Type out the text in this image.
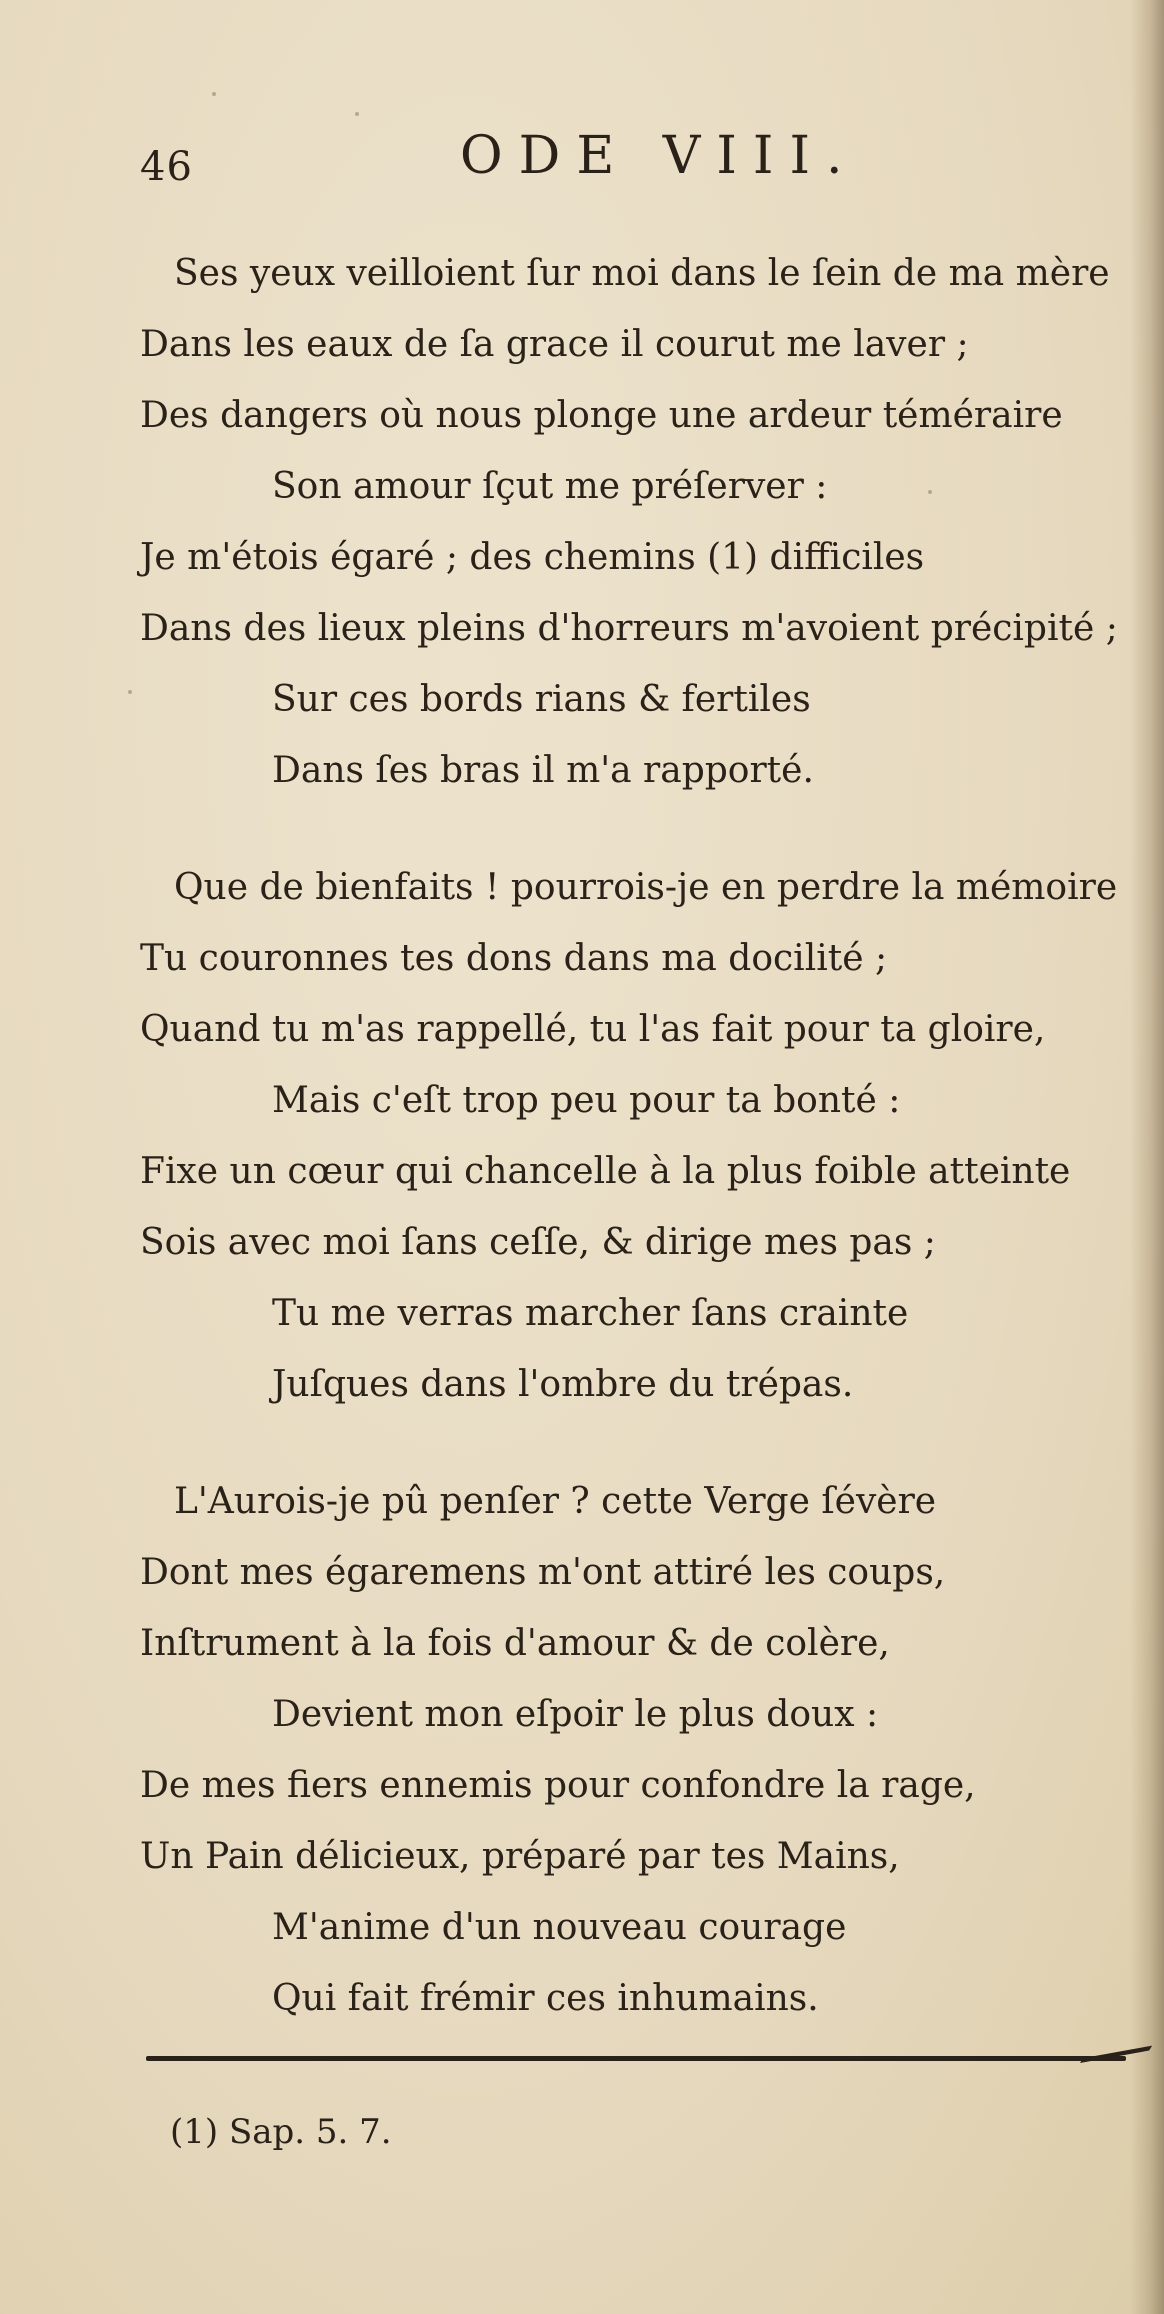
46	ODE VIII.
Ses yeux veilloient ſur moi dans le ſein de ma mère
Dans les eaux de ſa grace il courut me laver ;
Des dangers où nous plonge une ardeur téméraire
Son amour ſçut me préſerver :
Je m'étois égaré ; des chemins (1) difficiles
Dans des lieux pleins d'horreurs m'avoient précipité ;
Sur ces bords rians & fertiles
Dans ſes bras il m'a rapporté.
Que de bienfaits ! pourrois-je en perdre la mémoire
Tu couronnes tes dons dans ma docilité ;
Quand tu m'as rappellé, tu l'as fait pour ta gloire,
Mais c'eſt trop peu pour ta bonté :
Fixe un cœur qui chancelle à la plus foible atteinte
Sois avec moi ſans ceſſe, & dirige mes pas ;
Tu me verras marcher ſans crainte
Juſques dans l'ombre du trépas.
L'Aurois-je pû penſer ? cette Verge ſévère
Dont mes égaremens m'ont attiré les coups,
Inſtrument à la fois d'amour & de colère,
Devient mon eſpoir le plus doux :
De mes fiers ennemis pour confondre la rage,
Un Pain délicieux, préparé par tes Mains,
M'anime d'un nouveau courage
Qui fait frémir ces inhumains.
(1) Sap. 5. 7.
